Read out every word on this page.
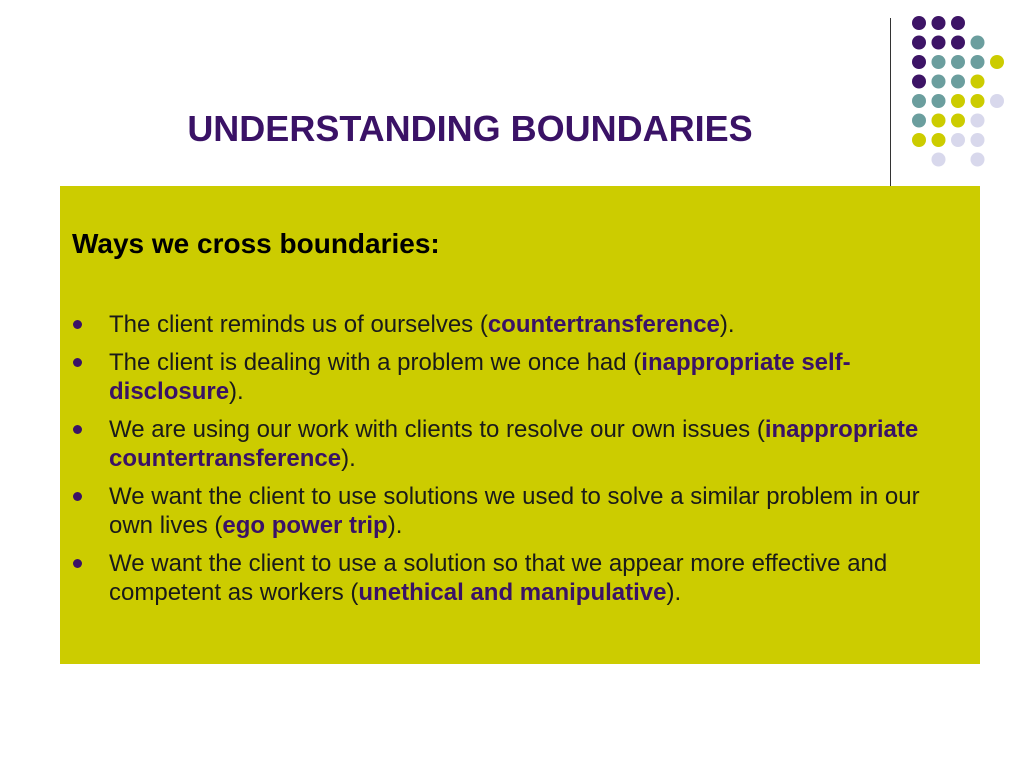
UNDERSTANDING BOUNDARIES
Ways we cross boundaries:
The client reminds us of ourselves (countertransference).
The client is dealing with a problem we once had (inappropriate self-disclosure).
We are using our work with clients to resolve our own issues (inappropriate countertransference).
We want the client to use solutions we used to solve a similar problem in our own lives (ego power trip).
We want the client to use a solution so that we appear more effective and competent as workers (unethical and manipulative).
